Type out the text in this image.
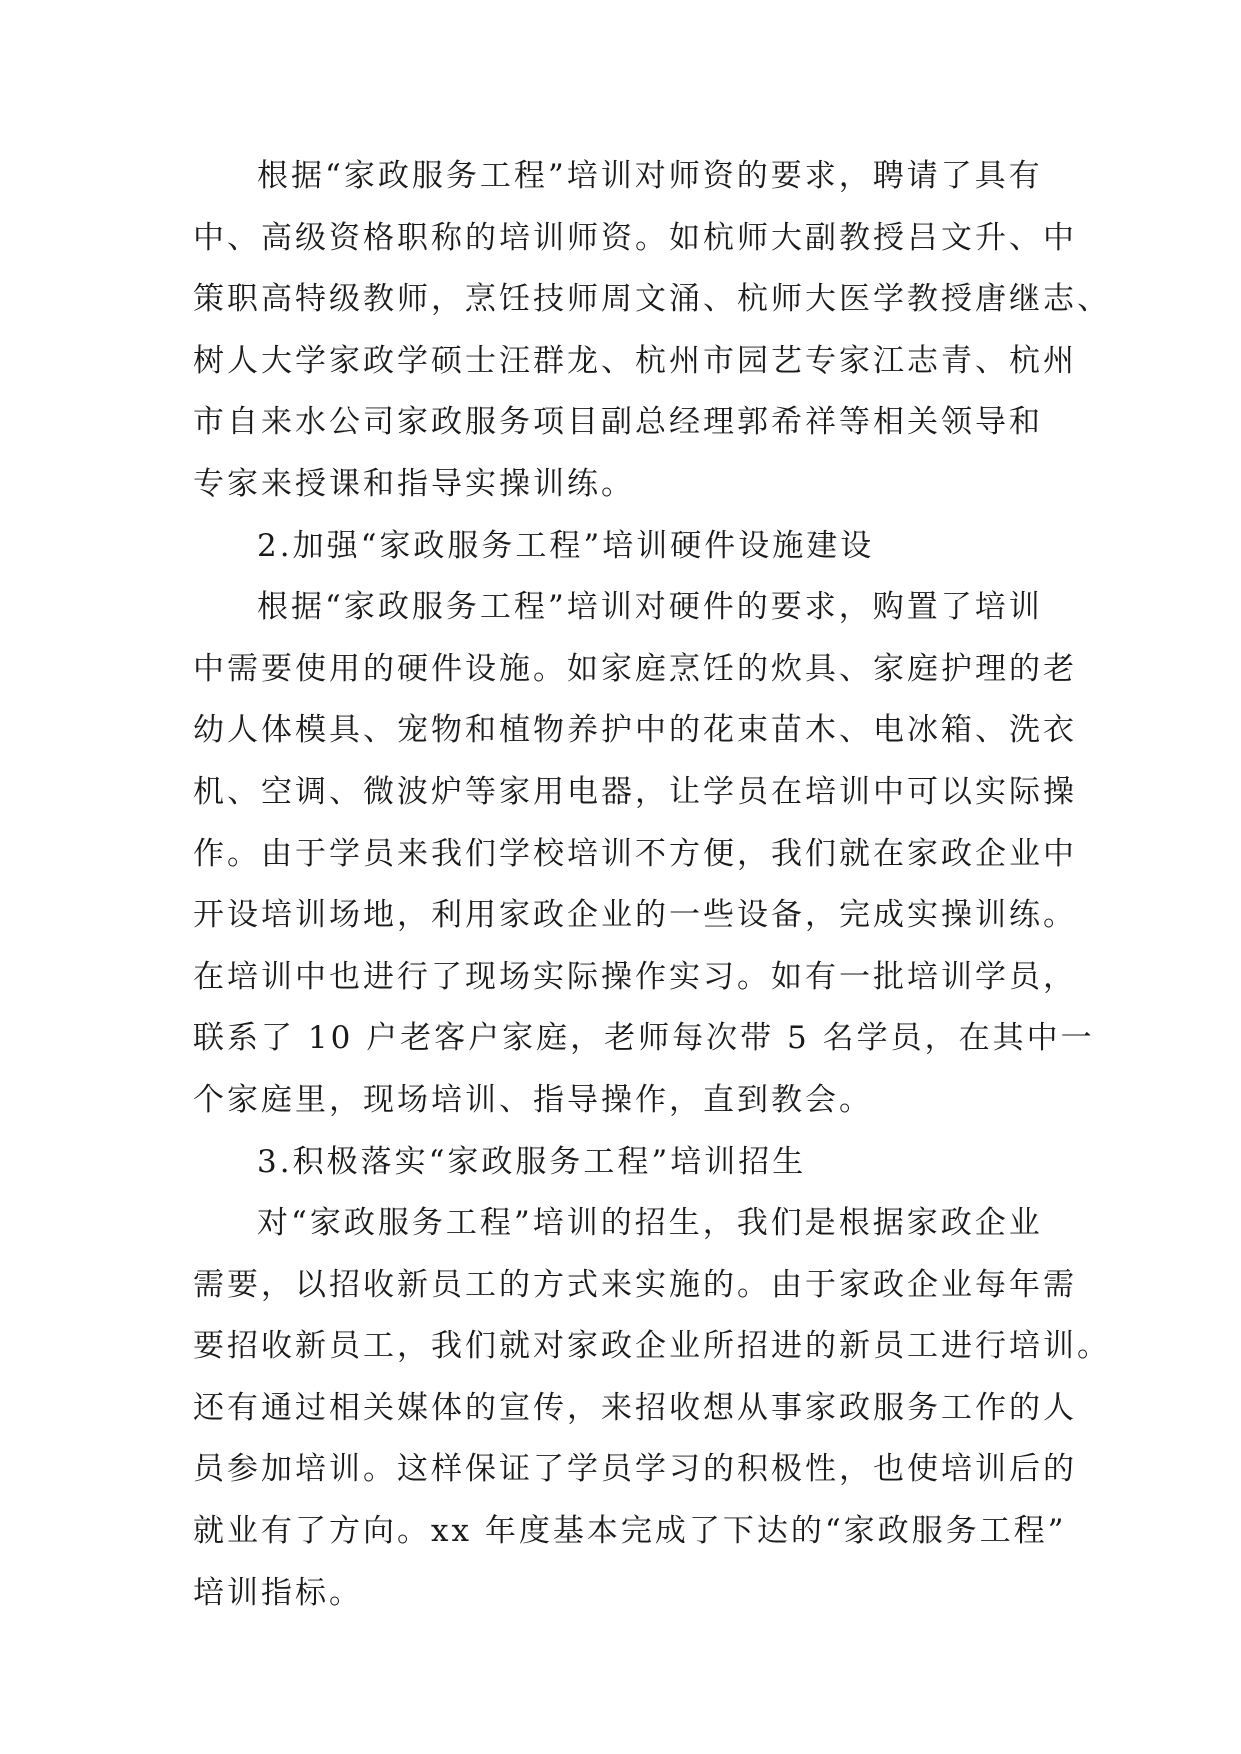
根据“家政服务工程”培训对师资的要求，聘请了具有
中、高级资格职称的培训师资。如杭师大副教授吕文升、中
策职高特级教师，烹饪技师周文涌、杭师大医学教授唐继志、
树人大学家政学硕士汪群龙、杭州市园艺专家江志青、杭州
市自来水公司家政服务项目副总经理郭希祥等相关领导和
专家来授课和指导实操训练。
2.加强“家政服务工程”培训硬件设施建设
根据“家政服务工程”培训对硬件的要求，购置了培训
中需要使用的硬件设施。如家庭烹饪的炊具、家庭护理的老
幼人体模具、宠物和植物养护中的花束苗木、电冰箱、洗衣
机、空调、微波炉等家用电器，让学员在培训中可以实际操
作。由于学员来我们学校培训不方便，我们就在家政企业中
开设培训场地，利用家政企业的一些设备，完成实操训练。
在培训中也进行了现场实际操作实习。如有一批培训学员，
联系了 10 户老客户家庭，老师每次带 5 名学员，在其中一
个家庭里，现场培训、指导操作，直到教会。
3.积极落实“家政服务工程”培训招生
对“家政服务工程”培训的招生，我们是根据家政企业
需要，以招收新员工的方式来实施的。由于家政企业每年需
要招收新员工，我们就对家政企业所招进的新员工进行培训。
还有通过相关媒体的宣传，来招收想从事家政服务工作的人
员参加培训。这样保证了学员学习的积极性，也使培训后的
就业有了方向。xx 年度基本完成了下达的“家政服务工程”
培训指标。
